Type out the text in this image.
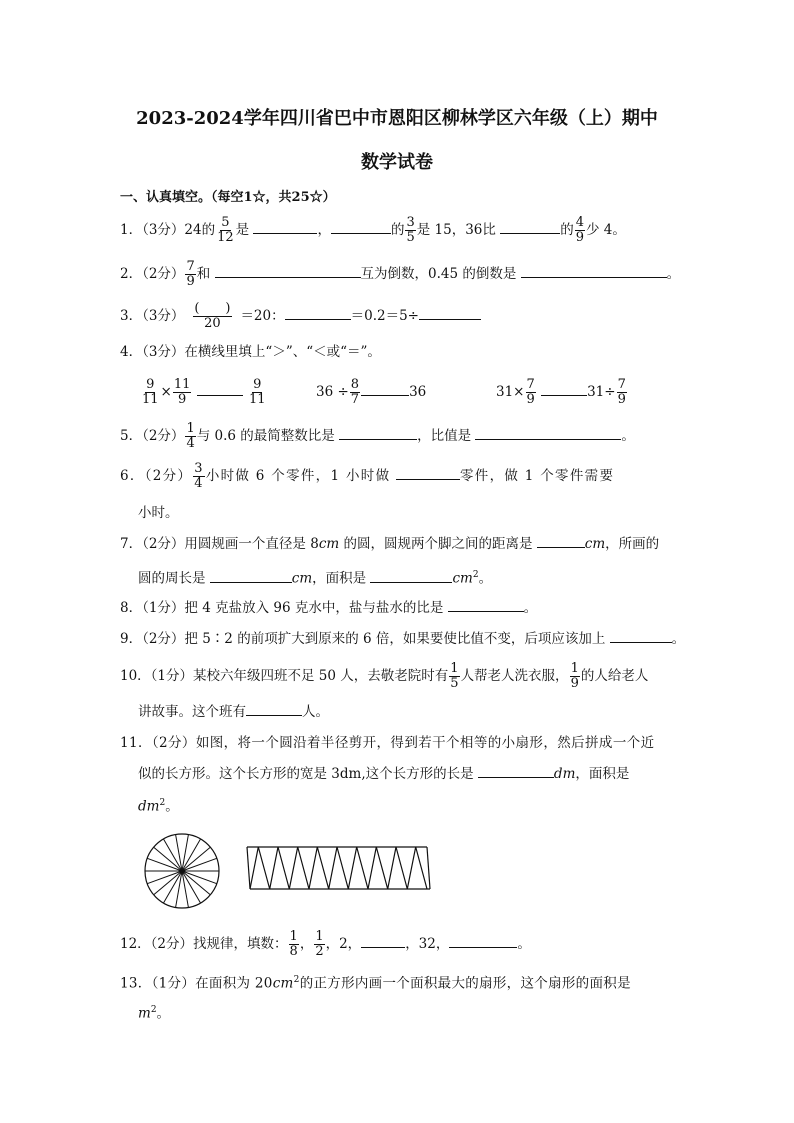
2023-2024学年四川省巴中市恩阳区柳林学区六年级（上）期中
数学试卷
一、认真填空。（每空1☆，共25☆）
1．（3分）24的 $\frac{5}{12}$ 是	，	的 $\frac{3}{5}$ 是 15，36比	的 $\frac{4}{9}$ 少 4。
2．（2分） $\frac{7}{9}$ 和	互为倒数，0.45 的倒数是	。
3．（3分） $\frac{( )}{20} =20$：	＝0.2＝5÷
4．（3分）在横线里填上“＞”、“＜或“＝”。
$\frac{9}{11} \times \frac{11}{9}$
	$\frac{9}{11}$	$36 \div \frac{8}{7}$	36	$31\times \frac{7}{9}$	$31\div \frac{7}{9}$
5．（2分） $\frac{1}{4}$ 与 0.6 的最简整数比是	，比值是	。
6．（2分） $\frac{3}{4}$ 小时做 6 个零件，1 小时做	零件，做 1 个零件需要
小时。
7．（2分）用圆规画一个直径是 8cm 的圆，圆规两个脚之间的距离是	cm，所画的
圆的周长是	cm，面积是	$cm^2$。
8．（1分）把 4 克盐放入 96 克水中，盐与盐水的比是	。
9．（2分）把 5∶2 的前项扩大到原来的 6 倍，如果要使比值不变，后项应该加上	。
10．（1分）某校六年级四班不足 50 人，去敬老院时有 $\frac{1}{5}$ 人帮老人洗衣服， $\frac{1}{9}$ 的人给老人
讲故事。这个班有	人。
11．（2分）如图，将一个圆沿着半径剪开，得到若干个相等的小扇形，然后拼成一个近
似的长方形。这个长方形的宽是 3dm,这个长方形的长是	dm，面积是
$dm^2$。
12．（2分）找规律，填数： $\frac{1}{8}$ ， $\frac{1}{2}$ ，2，	，32，	。
13．（1分）在面积为 $20cm^2$的正方形内画一个面积最大的扇形，这个扇形的面积是
$m^2$。
